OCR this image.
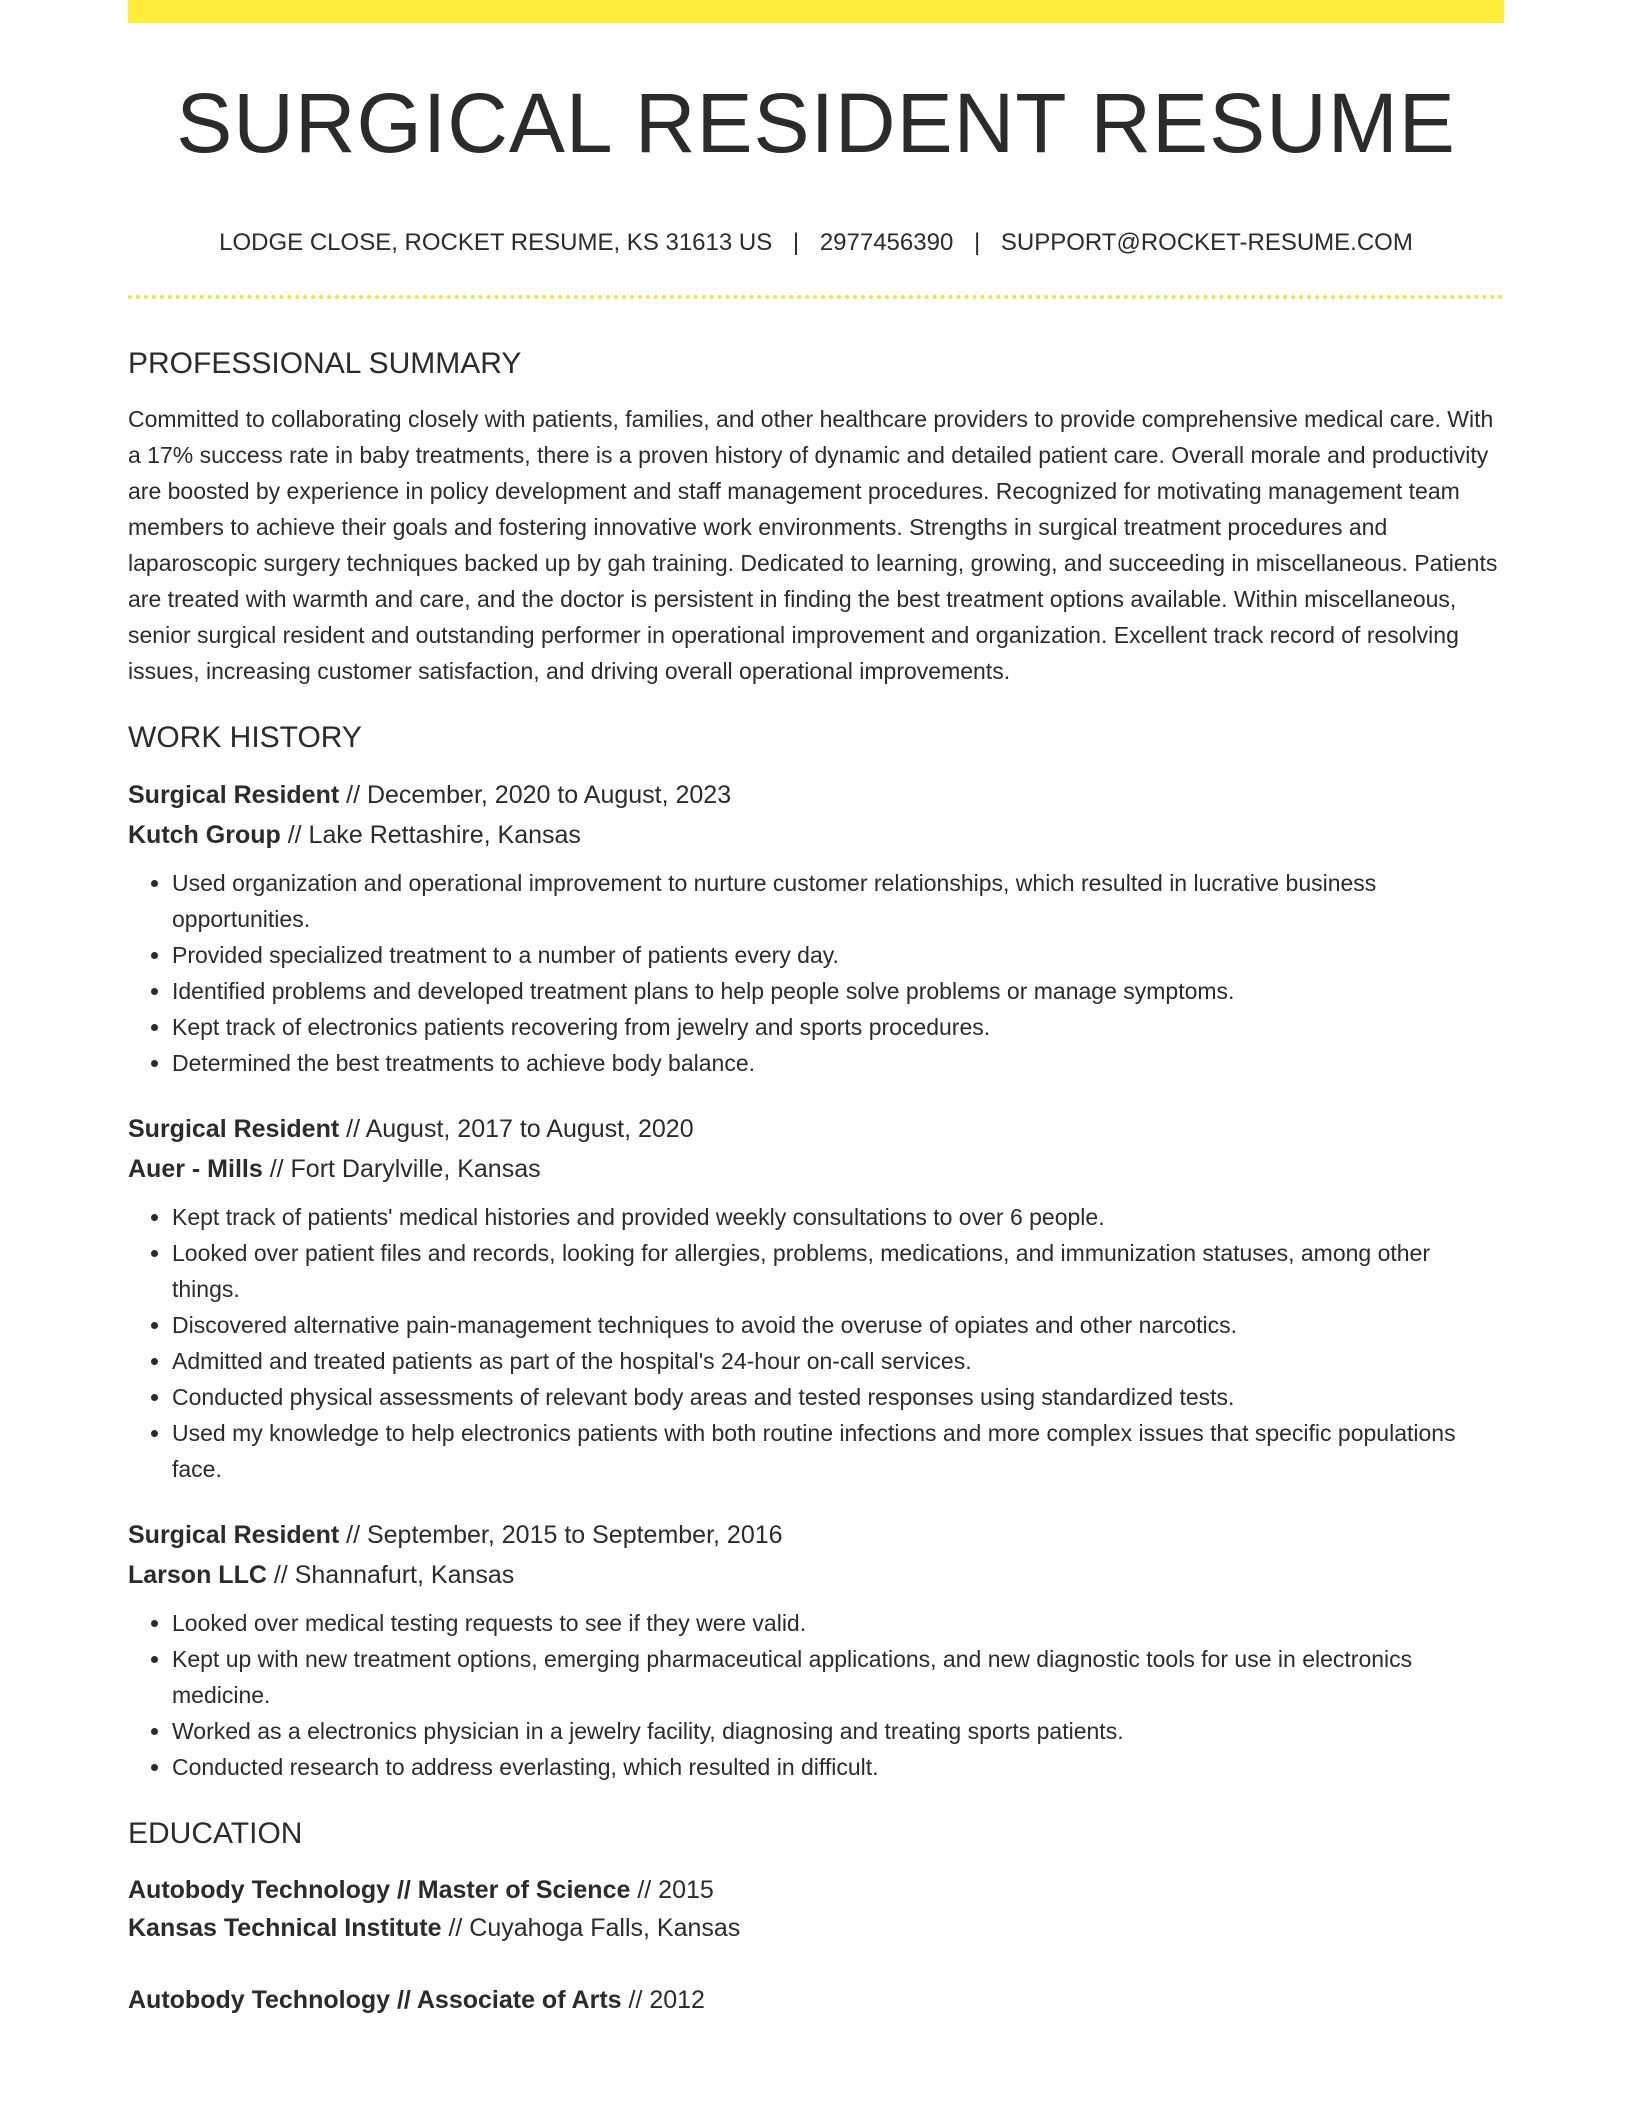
SURGICAL RESIDENT RESUME
LODGE CLOSE, ROCKET RESUME, KS 31613 US | 2977456390 | SUPPORT@ROCKET-RESUME.COM
PROFESSIONAL SUMMARY
Committed to collaborating closely with patients, families, and other healthcare providers to provide comprehensive medical care. With a 17% success rate in baby treatments, there is a proven history of dynamic and detailed patient care. Overall morale and productivity are boosted by experience in policy development and staff management procedures. Recognized for motivating management team members to achieve their goals and fostering innovative work environments. Strengths in surgical treatment procedures and laparoscopic surgery techniques backed up by gah training. Dedicated to learning, growing, and succeeding in miscellaneous. Patients are treated with warmth and care, and the doctor is persistent in finding the best treatment options available. Within miscellaneous, senior surgical resident and outstanding performer in operational improvement and organization. Excellent track record of resolving issues, increasing customer satisfaction, and driving overall operational improvements.
WORK HISTORY
Surgical Resident // December, 2020 to August, 2023
Kutch Group // Lake Rettashire, Kansas
• Used organization and operational improvement to nurture customer relationships, which resulted in lucrative business opportunities.
• Provided specialized treatment to a number of patients every day.
• Identified problems and developed treatment plans to help people solve problems or manage symptoms.
• Kept track of electronics patients recovering from jewelry and sports procedures.
• Determined the best treatments to achieve body balance.
Surgical Resident // August, 2017 to August, 2020
Auer - Mills // Fort Darylville, Kansas
• Kept track of patients' medical histories and provided weekly consultations to over 6 people.
• Looked over patient files and records, looking for allergies, problems, medications, and immunization statuses, among other things.
• Discovered alternative pain-management techniques to avoid the overuse of opiates and other narcotics.
• Admitted and treated patients as part of the hospital's 24-hour on-call services.
• Conducted physical assessments of relevant body areas and tested responses using standardized tests.
• Used my knowledge to help electronics patients with both routine infections and more complex issues that specific populations face.
Surgical Resident // September, 2015 to September, 2016
Larson LLC // Shannafurt, Kansas
• Looked over medical testing requests to see if they were valid.
• Kept up with new treatment options, emerging pharmaceutical applications, and new diagnostic tools for use in electronics medicine.
• Worked as a electronics physician in a jewelry facility, diagnosing and treating sports patients.
• Conducted research to address everlasting, which resulted in difficult.
EDUCATION
Autobody Technology // Master of Science // 2015
Kansas Technical Institute // Cuyahoga Falls, Kansas
Autobody Technology // Associate of Arts // 2012
